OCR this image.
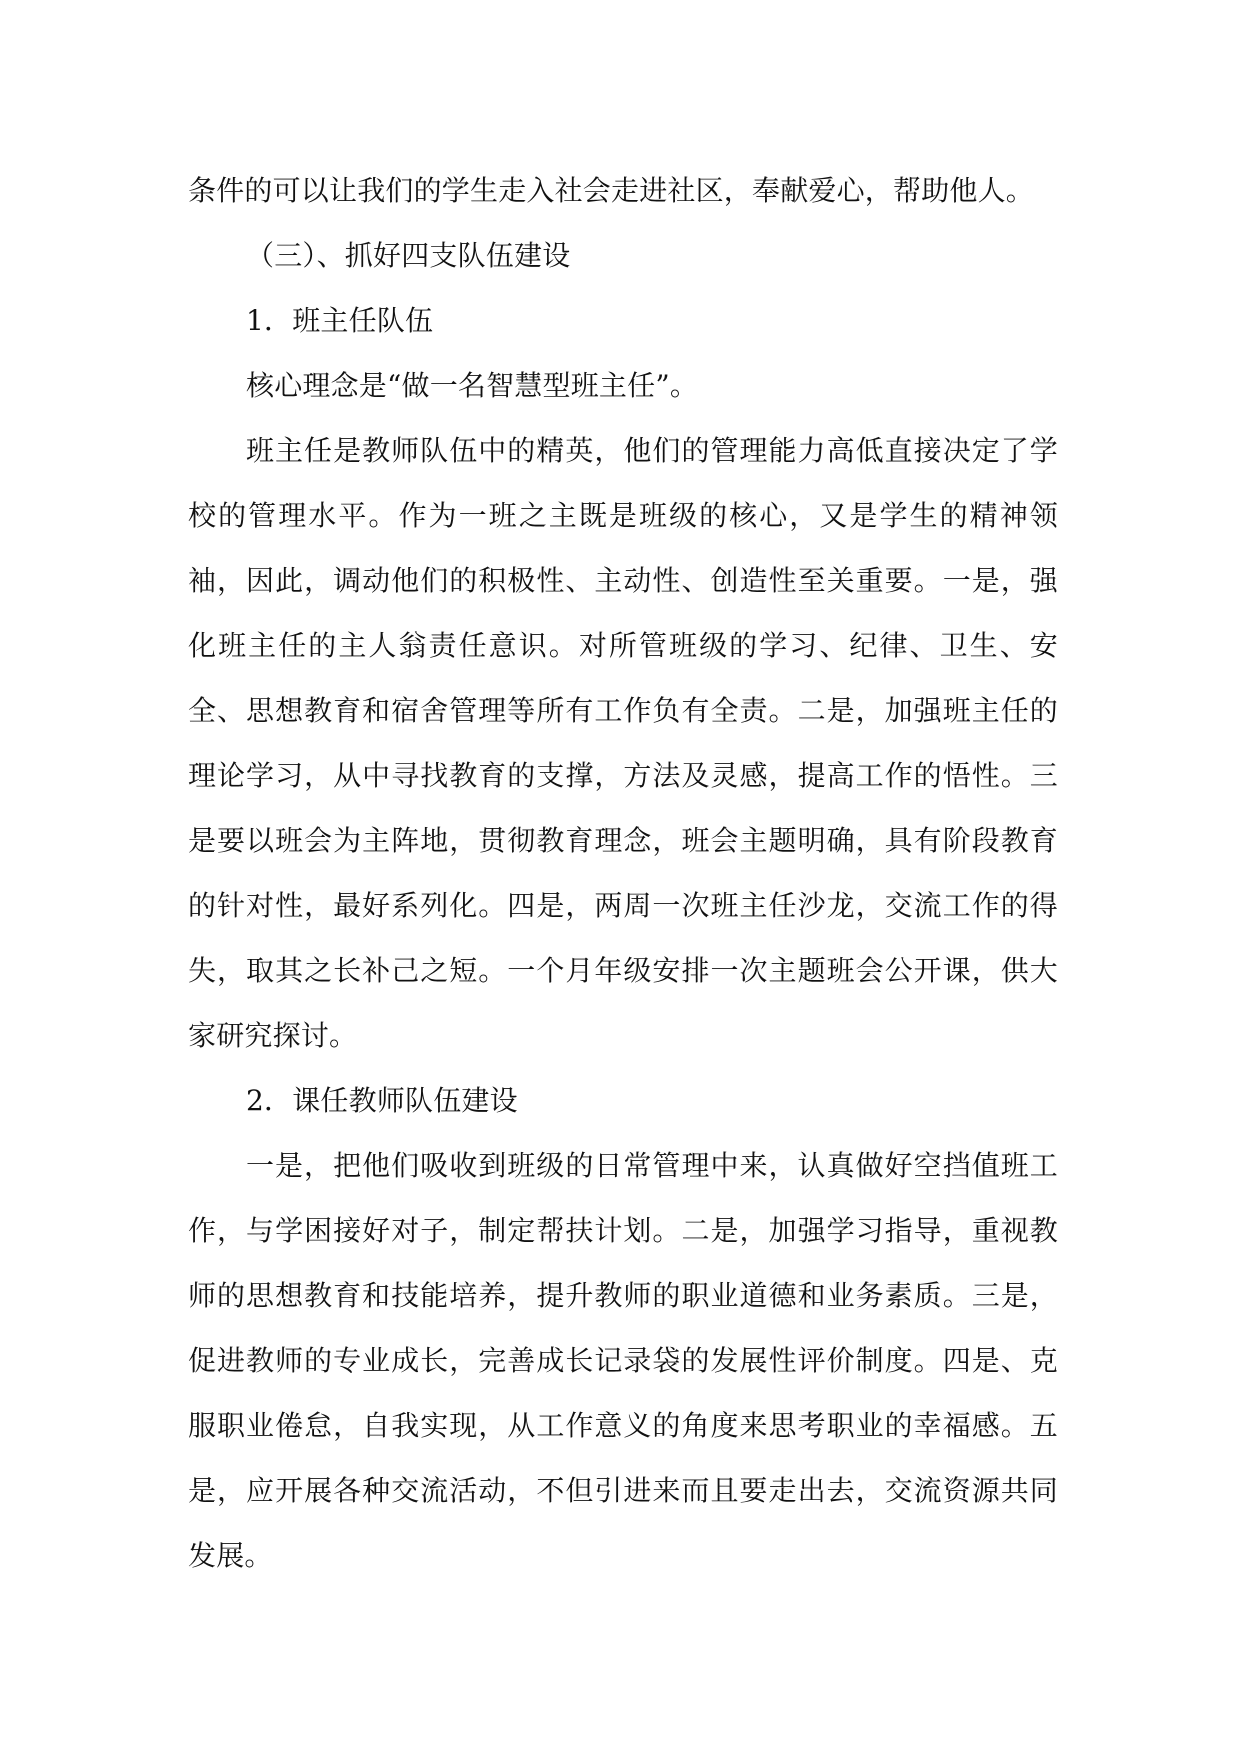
条件的可以让我们的学生走入社会走进社区，奉献爱心，帮助他人。

（三）、抓好四支队伍建设

1．班主任队伍

核心理念是“做一名智慧型班主任”。

班主任是教师队伍中的精英，他们的管理能力高低直接决定了学校的管理水平。作为一班之主既是班级的核心，又是学生的精神领袖，因此，调动他们的积极性、主动性、创造性至关重要。一是，强化班主任的主人翁责任意识。对所管班级的学习、纪律、卫生、安全、思想教育和宿舍管理等所有工作负有全责。二是，加强班主任的理论学习，从中寻找教育的支撑，方法及灵感，提高工作的悟性。三是要以班会为主阵地，贯彻教育理念，班会主题明确，具有阶段教育的针对性，最好系列化。四是，两周一次班主任沙龙，交流工作的得失，取其之长补己之短。一个月年级安排一次主题班会公开课，供大家研究探讨。

2．课任教师队伍建设

一是，把他们吸收到班级的日常管理中来，认真做好空挡值班工作，与学困接好对子，制定帮扶计划。二是，加强学习指导，重视教师的思想教育和技能培养，提升教师的职业道德和业务素质。三是，促进教师的专业成长，完善成长记录袋的发展性评价制度。四是、克服职业倦怠，自我实现，从工作意义的角度来思考职业的幸福感。五是，应开展各种交流活动，不但引进来而且要走出去，交流资源共同发展。
